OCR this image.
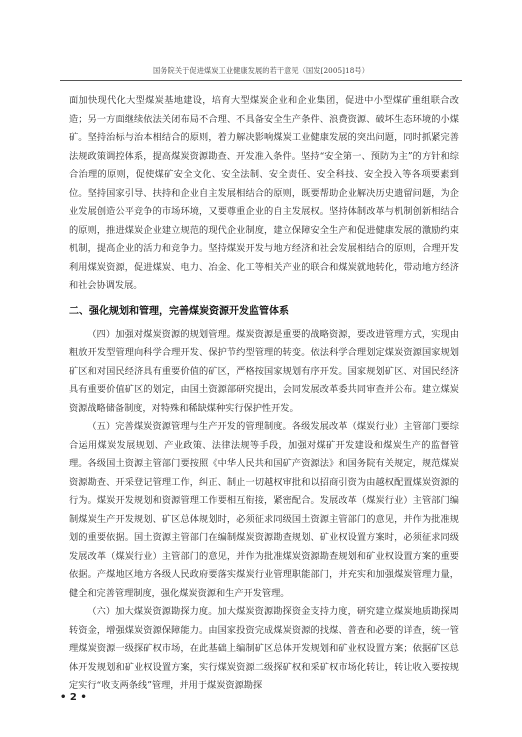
国务院关于促进煤炭工业健康发展的若干意见（国发[2005]18号）

面加快现代化大型煤炭基地建设，培育大型煤炭企业和企业集团，促进中小型煤矿重组联合改造；另一方面继续依法关闭布局不合理、不具备安全生产条件、浪费资源、破坏生态环境的小煤矿。坚持治标与治本相结合的原则，着力解决影响煤炭工业健康发展的突出问题，同时抓紧完善法规政策调控体系，提高煤炭资源勘查、开发准入条件。坚持“安全第一、预防为主”的方针和综合治理的原则，促使煤矿安全文化、安全法制、安全责任、安全科技、安全投入等各项要素到位。坚持国家引导、扶持和企业自主发展相结合的原则，既要帮助企业解决历史遗留问题，为企业发展创造公平竞争的市场环境，又要尊重企业的自主发展权。坚持体制改革与机制创新相结合的原则，推进煤炭企业建立规范的现代企业制度，建立保障安全生产和促进健康发展的激励约束机制，提高企业的活力和竞争力。坚持煤炭开发与地方经济和社会发展相结合的原则，合理开发利用煤炭资源，促进煤炭、电力、冶金、化工等相关产业的联合和煤炭就地转化，带动地方经济和社会协调发展。

二、强化规划和管理，完善煤炭资源开发监管体系

（四）加强对煤炭资源的规划管理。煤炭资源是重要的战略资源，要改进管理方式，实现由粗放开发型管理向科学合理开发、保护节约型管理的转变。依法科学合理划定煤炭资源国家规划矿区和对国民经济具有重要价值的矿区，严格按国家规划有序开发。国家规划矿区、对国民经济具有重要价值矿区的划定，由国土资源部研究提出，会同发展改革委共同审查并公布。建立煤炭资源战略储备制度，对特殊和稀缺煤种实行保护性开发。

（五）完善煤炭资源管理与生产开发的管理制度。各级发展改革（煤炭行业）主管部门要综合运用煤炭发展规划、产业政策、法律法规等手段，加强对煤矿开发建设和煤炭生产的监督管理。各级国土资源主管部门要按照《中华人民共和国矿产资源法》和国务院有关规定，规范煤炭资源勘查、开采登记管理工作，纠正、制止一切越权审批和以招商引资为由越权配置煤炭资源的行为。煤炭开发规划和资源管理工作要相互衔接，紧密配合。发展改革（煤炭行业）主管部门编制煤炭生产开发规划、矿区总体规划时，必须征求同级国土资源主管部门的意见，并作为批准规划的重要依据。国土资源主管部门在编制煤炭资源勘查规划、矿业权设置方案时，必须征求同级发展改革（煤炭行业）主管部门的意见，并作为批准煤炭资源勘查规划和矿业权设置方案的重要依据。产煤地区地方各级人民政府要落实煤炭行业管理职能部门，并充实和加强煤炭管理力量，健全和完善管理制度，强化煤炭资源和生产开发管理。

（六）加大煤炭资源勘探力度。加大煤炭资源勘探资金支持力度，研究建立煤炭地质勘探周转资金，增强煤炭资源保障能力。由国家投资完成煤炭资源的找煤、普查和必要的详查，统一管理煤炭资源一级探矿权市场，在此基础上编制矿区总体开发规划和矿业权设置方案；依据矿区总体开发规划和矿业权设置方案，实行煤炭资源二级探矿权和采矿权市场化转让，转让收入要按规定实行“收支两条线”管理，并用于煤炭资源勘探

• 2 •
